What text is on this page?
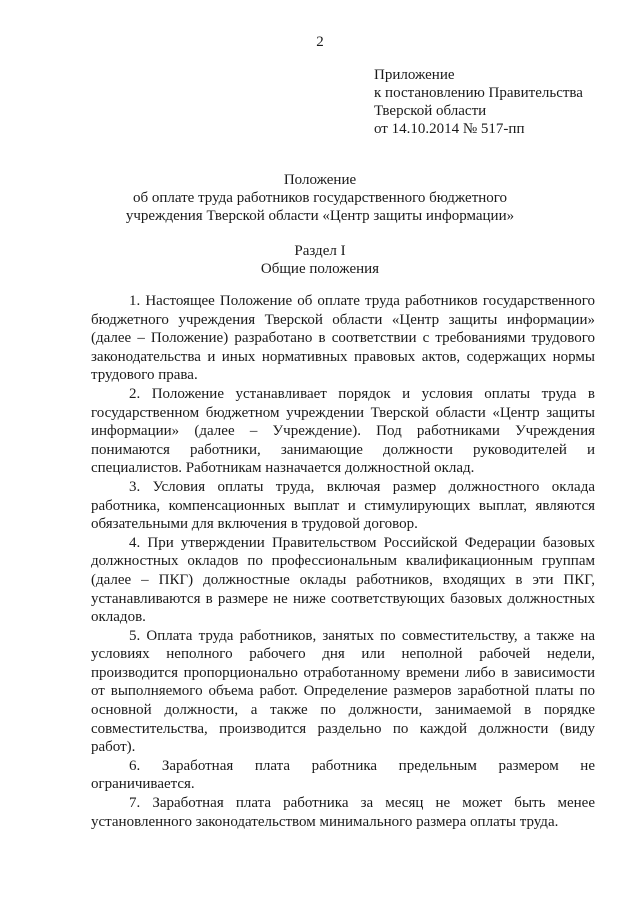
2
Приложение
к постановлению Правительства
Тверской области
от 14.10.2014 № 517-пп
Положение
об оплате труда работников государственного бюджетного
учреждения Тверской области «Центр защиты информации»
Раздел I
Общие положения

1. Настоящее Положение об оплате труда работников государственного
бюджетного учреждения Тверской области «Центр защиты информации»
(далее – Положение) разработано в соответствии с требованиями трудового
законодательства и иных нормативных правовых актов, содержащих нормы
трудового права.

2. Положение устанавливает порядок и условия оплаты труда в
государственном бюджетном учреждении Тверской области «Центр защиты
информации» (далее – Учреждение). Под работниками Учреждения
понимаются работники, занимающие должности руководителей и
специалистов. Работникам назначается должностной оклад.

3. Условия оплаты труда, включая размер должностного оклада
работника, компенсационных выплат и стимулирующих выплат, являются
обязательными для включения в трудовой договор.

4. При утверждении Правительством Российской Федерации базовых
должностных окладов по профессиональным квалификационным группам
(далее – ПКГ) должностные оклады работников, входящих в эти ПКГ,
устанавливаются в размере не ниже соответствующих базовых должностных
окладов.

5. Оплата труда работников, занятых по совместительству, а также на
условиях неполного рабочего дня или неполной рабочей недели,
производится пропорционально отработанному времени либо в зависимости
от выполняемого объема работ. Определение размеров заработной платы по
основной должности, а также по должности, занимаемой в порядке
совместительства, производится раздельно по каждой должности (виду
работ).

6. Заработная плата работника предельным размером не
ограничивается.

7. Заработная плата работника за месяц не может быть менее
установленного законодательством минимального размера оплаты труда.
